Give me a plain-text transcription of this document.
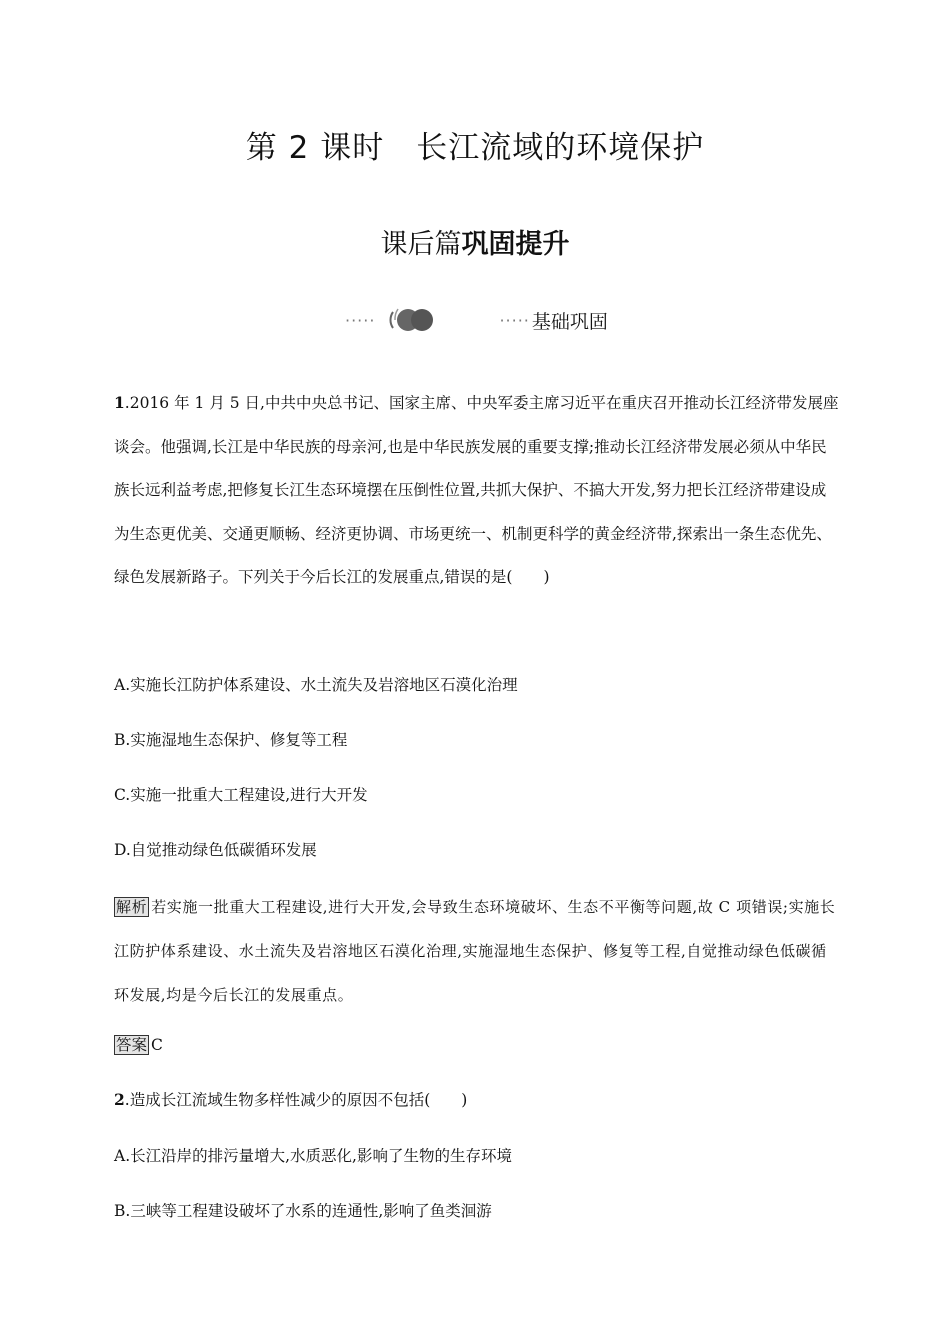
第 2 课时　长江流域的环境保护
课后篇巩固提升
·····	····· 基础巩固
1.2016 年 1 月 5 日,中共中央总书记、国家主席、中央军委主席习近平在重庆召开推动长江经济带发展座谈会。他强调,长江是中华民族的母亲河,也是中华民族发展的重要支撑;推动长江经济带发展必须从中华民族长远利益考虑,把修复长江生态环境摆在压倒性位置,共抓大保护、不搞大开发,努力把长江经济带建设成为生态更优美、交通更顺畅、经济更协调、市场更统一、机制更科学的黄金经济带,探索出一条生态优先、绿色发展新路子。下列关于今后长江的发展重点,错误的是(　　)
A.实施长江防护体系建设、水土流失及岩溶地区石漠化治理
B.实施湿地生态保护、修复等工程
C.实施一批重大工程建设,进行大开发
D.自觉推动绿色低碳循环发展
解析 若实施一批重大工程建设,进行大开发,会导致生态环境破坏、生态不平衡等问题,故 C 项错误;实施长江防护体系建设、水土流失及岩溶地区石漠化治理,实施湿地生态保护、修复等工程,自觉推动绿色低碳循环发展,均是今后长江的发展重点。
答案 C
2.造成长江流域生物多样性减少的原因不包括(　　)
A.长江沿岸的排污量增大,水质恶化,影响了生物的生存环境
B.三峡等工程建设破坏了水系的连通性,影响了鱼类洄游
